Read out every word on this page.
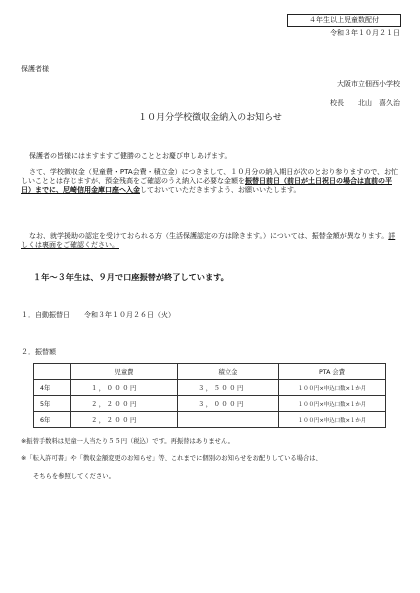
４年生以上児童数配付
令和３年１０月２１日
保護者様
大阪市立佃西小学校
校長　　北山　喜久治
１０月分学校徴収金納入のお知らせ
保護者の皆様にはますますご健勝のこととお慶び申しあげます。
さて、学校徴収金（児童費・PTA会費・積立金）につきまして、１０月分の納入期日が次のとおり参りますので、お忙しいこととは存じますが、預金残高をご確認のうえ納入に必要な金額を振替日前日（前日が土日祝日の場合は直前の平日）までに、尼崎信用金庫口座へ入金しておいていただきますよう、お願いいたします。
なお、就学援助の認定を受けておられる方（生活保護認定の方は除きます。）については、振替金額が異なります。詳しくは裏面をご確認ください。
１年～３年生は、９月で口座振替が終了しています。
１．自動振替日　　令和３年１０月２６日（火）
２．振替額
	児童費	積立金	PTA 会費
4年	１，０００円	３，５００円	１００円×申込口数×１か月
5年	２，２００円	３，０００円	１００円×申込口数×１か月
6年	２，２００円		１００円×申込口数×１か月
※振替手数料は児童一人当たり５５円（税込）です。再振替はありません。
※「転入許可書」や「徴収金額変更のお知らせ」等、これまでに個別のお知らせをお配りしている場合は、
そちらを参照してください。
